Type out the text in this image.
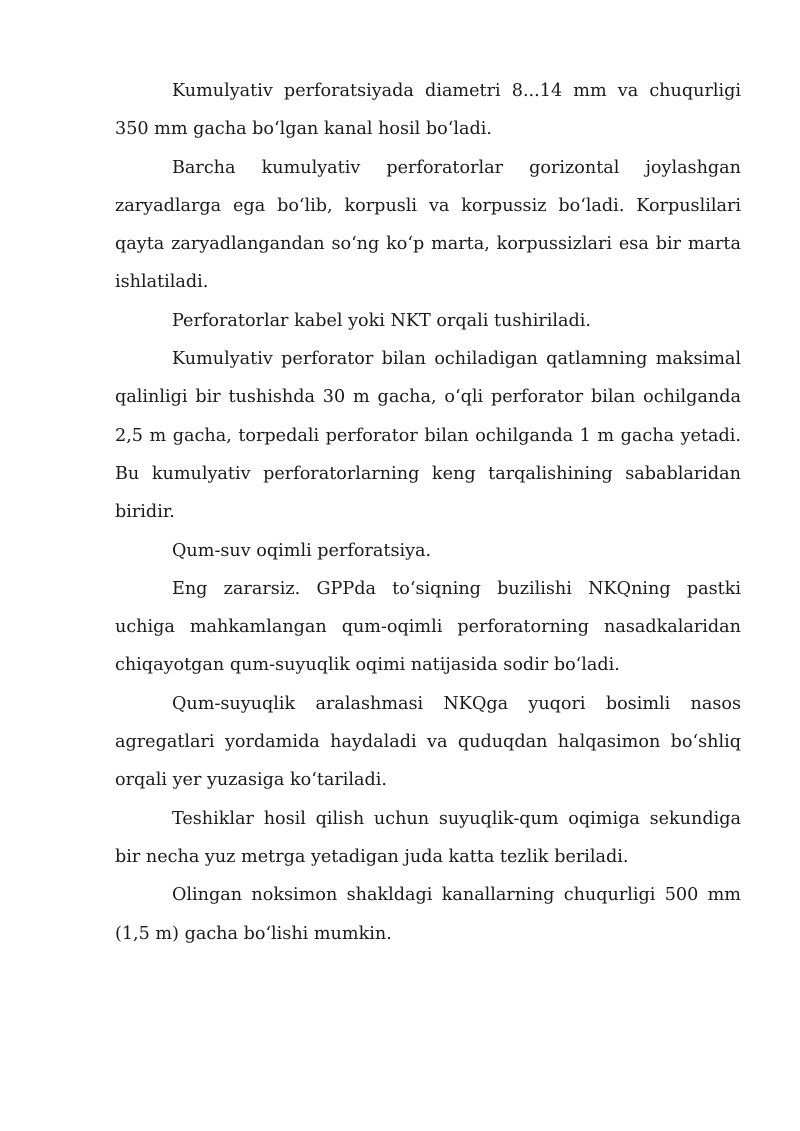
Kumulyativ perforatsiyada diametri 8...14 mm va chuqurligi 350 mm gacha boʻlgan kanal hosil boʻladi.

Barcha kumulyativ perforatorlar gorizontal joylashgan zaryadlarga ega boʻlib, korpusli va korpussiz boʻladi. Korpuslilari qayta zaryadlangandan soʻng koʻp marta, korpussizlari esa bir marta ishlatiladi.

Perforatorlar kabel yoki NKT orqali tushiriladi.

Kumulyativ perforator bilan ochiladigan qatlamning maksimal qalinligi bir tushishda 30 m gacha, oʻqli perforator bilan ochilganda 2,5 m gacha, torpedali perforator bilan ochilganda 1 m gacha yetadi. Bu kumulyativ perforatorlarning keng tarqalishining sabablaridan biridir.

Qum-suv oqimli perforatsiya.

Eng zararsiz. GPPda toʻsiqning buzilishi NKQning pastki uchiga mahkamlangan qum-oqimli perforatorning nasadkalaridan chiqayotgan qum-suyuqlik oqimi natijasida sodir boʻladi.

Qum-suyuqlik aralashmasi NKQga yuqori bosimli nasos agregatlari yordamida haydaladi va quduqdan halqasimon boʻshliq orqali yer yuzasiga koʻtariladi.

Teshiklar hosil qilish uchun suyuqlik-qum oqimiga sekundiga bir necha yuz metrga yetadigan juda katta tezlik beriladi.

Olingan noksimon shakldagi kanallarning chuqurligi 500 mm (1,5 m) gacha boʻlishi mumkin.
